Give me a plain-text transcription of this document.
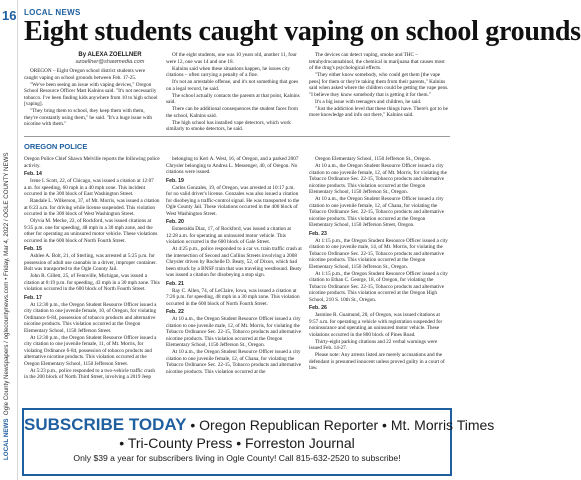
16
LOCAL NEWS  Ogle County Newspapers / oglecountynews.com • Friday, Mar 4, 2022 / OGLE COUNTY NEWS
LOCAL NEWS
Eight students caught vaping on school grounds
By ALEXA ZOELLNER
azoellner@shawmedia.com

OREGON – Eight Oregon school district students were caught vaping on school grounds between Feb. 17-25.

"We've been seeing an issue with vaping devices," Oregon School Resource Officer Matt Kalnins said. "It's not necessarily tobacco. I've been finding kids anywhere from 10 to high school [vaping].

"They bring them to school, they keep them with them, they're constantly using them," he said. "It's a huge issue with nicotine with them."

Of the eight students, one was 10 years old, another 11, four were 12, one was 14 and one 18.

Kalnins said when these situations happen, he issues city citations – often carrying a penalty of a fine.

It's not an arrestable offense, and it's not something that goes on a legal record, he said.

The school actually contacts the parents at that point, Kalnins said.

There can be additional consequences the student faces from the school, Kalnins said.

The high school has installed vape detectors, which work similarly to smoke detectors, he said.

The devices can detect vaping, smoke and THC – tetrahydrocannabinol, the chemical in marijuana that causes most of the drug's psychological effects.

"They either know somebody, who could get them [the vape pens] for them or they're taking them from their parents," Kalnins said when asked where the children could be getting the vape pens. "I believe they know somebody that is getting it for them."

It's a big issue with teenagers and children, he said.

"Just the addiction level that these things have. There's got to be more knowledge and info out there," Kalnins said.

OREGON POLICE

Oregon Police Chief Shawn Melville reports the following police activity.

Feb. 14

Irene I. Scott, 22, of Chicago, was issued a citation at 12:07 a.m. for speeding, 60 mph in a 40 mph zone. This incident occurred in the 300 block of East Washington Street.

Randale L. Wilkerson, 37, of Mt. Morris, was issued a citation at 6:23 a.m. for driving while license suspended. This violation occurred in the 300 block of West Washington Street.

Olyvia M. Mecke, 22, of Rockford, was issued citations at 9:35 p.m. one for speeding, 48 mph in a 30 mph zone, and the other for operating an uninsured motor vehicle. These violations occurred in the 600 block of North Fourth Street.

Feb. 15

Ashlee A. Bolt, 21, of Sterling, was arrested at 5:25 p.m. for possession of adult use cannabis in a driver, improper container. Bolt was transported to the Ogle County Jail.

John R. Gillett, 25, of Fennville, Michigan, was issued a citation at 8:19 p.m. for speeding, 43 mph in a 30 mph zone. This violation occurred in the 600 block of North Fourth Street.

Feb. 17

At 12:30 p.m., the Oregon Student Resource Officer issued a city citation to one juvenile female, 10, of Oregon, for violating Ordinance 6-84, possession of tobacco products and alternative nicotine products. This violation occurred at the Oregon Elementary School, 1150 Jefferson Street.

At 12:30 p.m., the Oregon Student Resource Officer issued a city citation to one juvenile female, 11, of Mt. Morris, for violating Ordinance 6-84, possession of tobacco products and alternative nicotine products. This violation occurred at the Oregon Elementary School, 1150 Jefferson Street.

At 5:23 p.m., police responded to a two-vehicle traffic crash in the 200 block of North Third Street, involving a 2019 Jeep

belonging to Keri A. West, 16, of Oregon, and a parked 2007 Chrysler belonging to Andrea L. Messenger, 40, of Oregon. No citations were issued.

Feb. 19

Carlos Gonzales, 19, of Oregon, was arrested at 10:17 p.m. for no valid driver's license. Gonzales was also issued a citation for disobeying a traffic-control signal. He was transported to the Ogle County Jail. These violations occurred in the 400 block of West Washington Street.

Feb. 20

Esmeralda Diaz, 17, of Rockford, was issued a citation at 12:28 a.m. for operating an uninsured motor vehicle. This violation occurred in the 600 block of Gale Street.

At 4:25 p.m., police responded to a car vs. train traffic crash at the intersection of Second and Collins Streets involving a 2008 Chrysler driven by Rochelle D. Beaty, 52, of Dixon, which had been struck by a BNSF train that was traveling westbound. Beaty was issued a citation for disobeying a stop sign.

Feb. 21

Ray C. Allen, 74, of LeClaire, Iowa, was issued a citation at 7:26 p.m. for speeding, 48 mph in a 30 mph zone. This violation occurred in the 600 block of North Fourth Street.

Feb. 22

At 10 a.m., the Oregon Student Resource Officer issued a city citation to one juvenile male, 12, of Mt. Morris, for violating the Tobacco Ordinance Sec. 22-15, Tobacco products and alternative nicotine products. This violation occurred at the Oregon Elementary School, 1150 Jefferson St., Oregon.

At 10 a.m., the Oregon Student Resource Officer issued a city citation to one juvenile female, 12, of Chana, for violating the Tobacco Ordinance Sec. 22-15, Tobacco products and alternative nicotine products. This violation occurred at the

Oregon Elementary School, 1150 Jefferson St., Oregon.

At 10 a.m., the Oregon Student Resource Officer issued a city citation to one juvenile female, 12, of Mt. Morris, for violating the Tobacco Ordinance Sec. 22-15, Tobacco products and alternative nicotine products. This violation occurred at the Oregon Elementary School, 1150 Jefferson St., Oregon.

At 10 a.m., the Oregon Student Resource Officer issued a city citation to one juvenile female, 12, of Chana, for violating the Tobacco Ordinance Sec. 22-15, Tobacco products and alternative nicotine products. This violation occurred at the Oregon Elementary School, 1150 Jefferson Street, Oregon.

Feb. 23

At 1:15 p.m., the Oregon Student Resource Officer issued a city citation to one juvenile male, 14, of Mt. Morris, for violating the Tobacco Ordinance Sec. 22-15, Tobacco products and alternative nicotine products. This violation occurred at the Oregon Elementary School, 1150 Jefferson St., Oregon.

At 1:15 p.m., the Oregon Student Resource Officer issued a city citation to Ethan C. George, 18, of Oregon, for violating the Tobacco Ordinance Sec. 22-15, Tobacco products and alternative nicotine products. This violation occurred at the Oregon High School, 210 S. 10th St., Oregon.

Feb. 26

Jasmine R. Guamund, 20, of Oregon, was issued citations at 9:57 a.m. for operating a vehicle with registration suspended for noninsurance and operating an uninsured motor vehicle. These violations occurred in the 800 block of Pines Road.

Thirty-eight parking citations and 22 verbal warnings were issued Feb. 14-27.

Please note: Any arrests listed are merely accusations and the defendant is presumed innocent unless proved guilty in a court of law.

SUBSCRIBE TODAY • Oregon Republican Reporter • Mt. Morris Times
• Tri-County Press • Forreston Journal
Only $39 a year for subscribers living in Ogle County! Call 815-632-2520 to subscribe!
